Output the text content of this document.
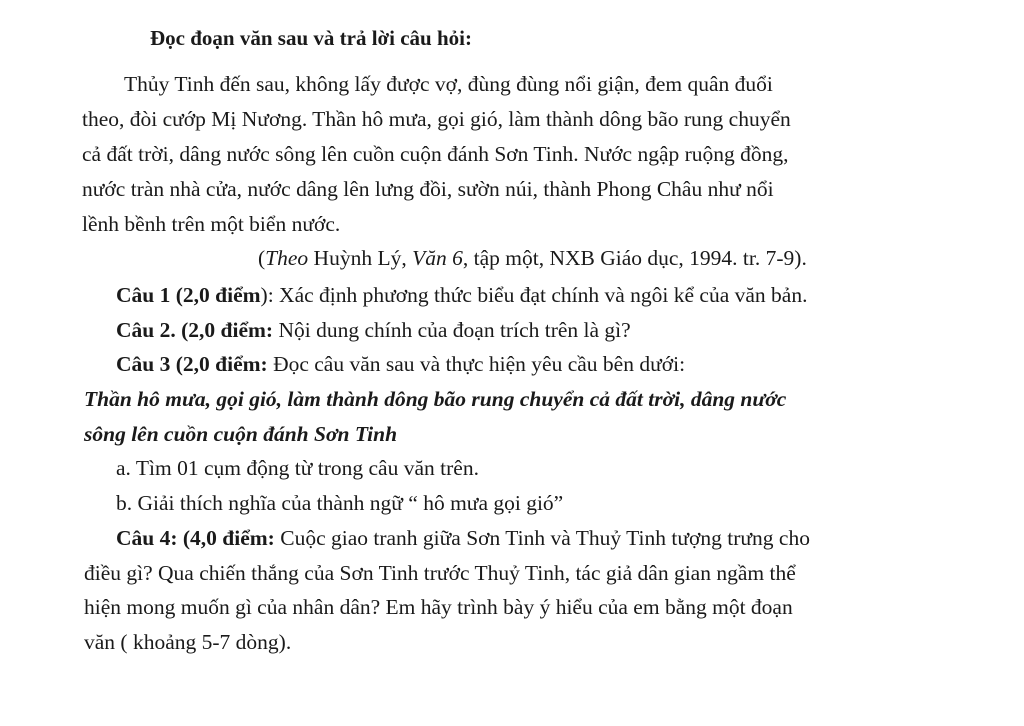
Đọc đoạn văn sau và trả lời câu hỏi:
Thủy Tinh đến sau, không lấy được vợ, đùng đùng nổi giận, đem quân đuổi
theo, đòi cướp Mị Nương. Thần hô mưa, gọi gió, làm thành dông bão rung chuyển
cả đất trời, dâng nước sông lên cuồn cuộn đánh Sơn Tinh. Nước ngập ruộng đồng,
nước tràn nhà cửa, nước dâng lên lưng đồi, sườn núi, thành Phong Châu như nổi
lềnh bềnh trên một biển nước.
(Theo Huỳnh Lý, Văn 6, tập một, NXB Giáo dục, 1994. tr. 7-9).
Câu 1 (2,0 điểm): Xác định phương thức biểu đạt chính và ngôi kể của văn bản.
Câu 2. (2,0 điểm: Nội dung chính của đoạn trích trên là gì?
Câu 3 (2,0 điểm: Đọc câu văn sau và thực hiện yêu cầu bên dưới:
Thần hô mưa, gọi gió, làm thành dông bão rung chuyển cả đất trời, dâng nước
sông lên cuồn cuộn đánh Sơn Tinh
a. Tìm 01 cụm động từ trong câu văn trên.
b. Giải thích nghĩa của thành ngữ “ hô mưa gọi gió”
Câu 4: (4,0 điểm: Cuộc giao tranh giữa Sơn Tinh và Thuỷ Tinh tượng trưng cho
điều gì? Qua chiến thắng của Sơn Tinh trước Thuỷ Tinh, tác giả dân gian ngầm thể
hiện mong muốn gì của nhân dân? Em hãy trình bày ý hiểu của em bằng một đoạn
văn ( khoảng 5-7 dòng).
